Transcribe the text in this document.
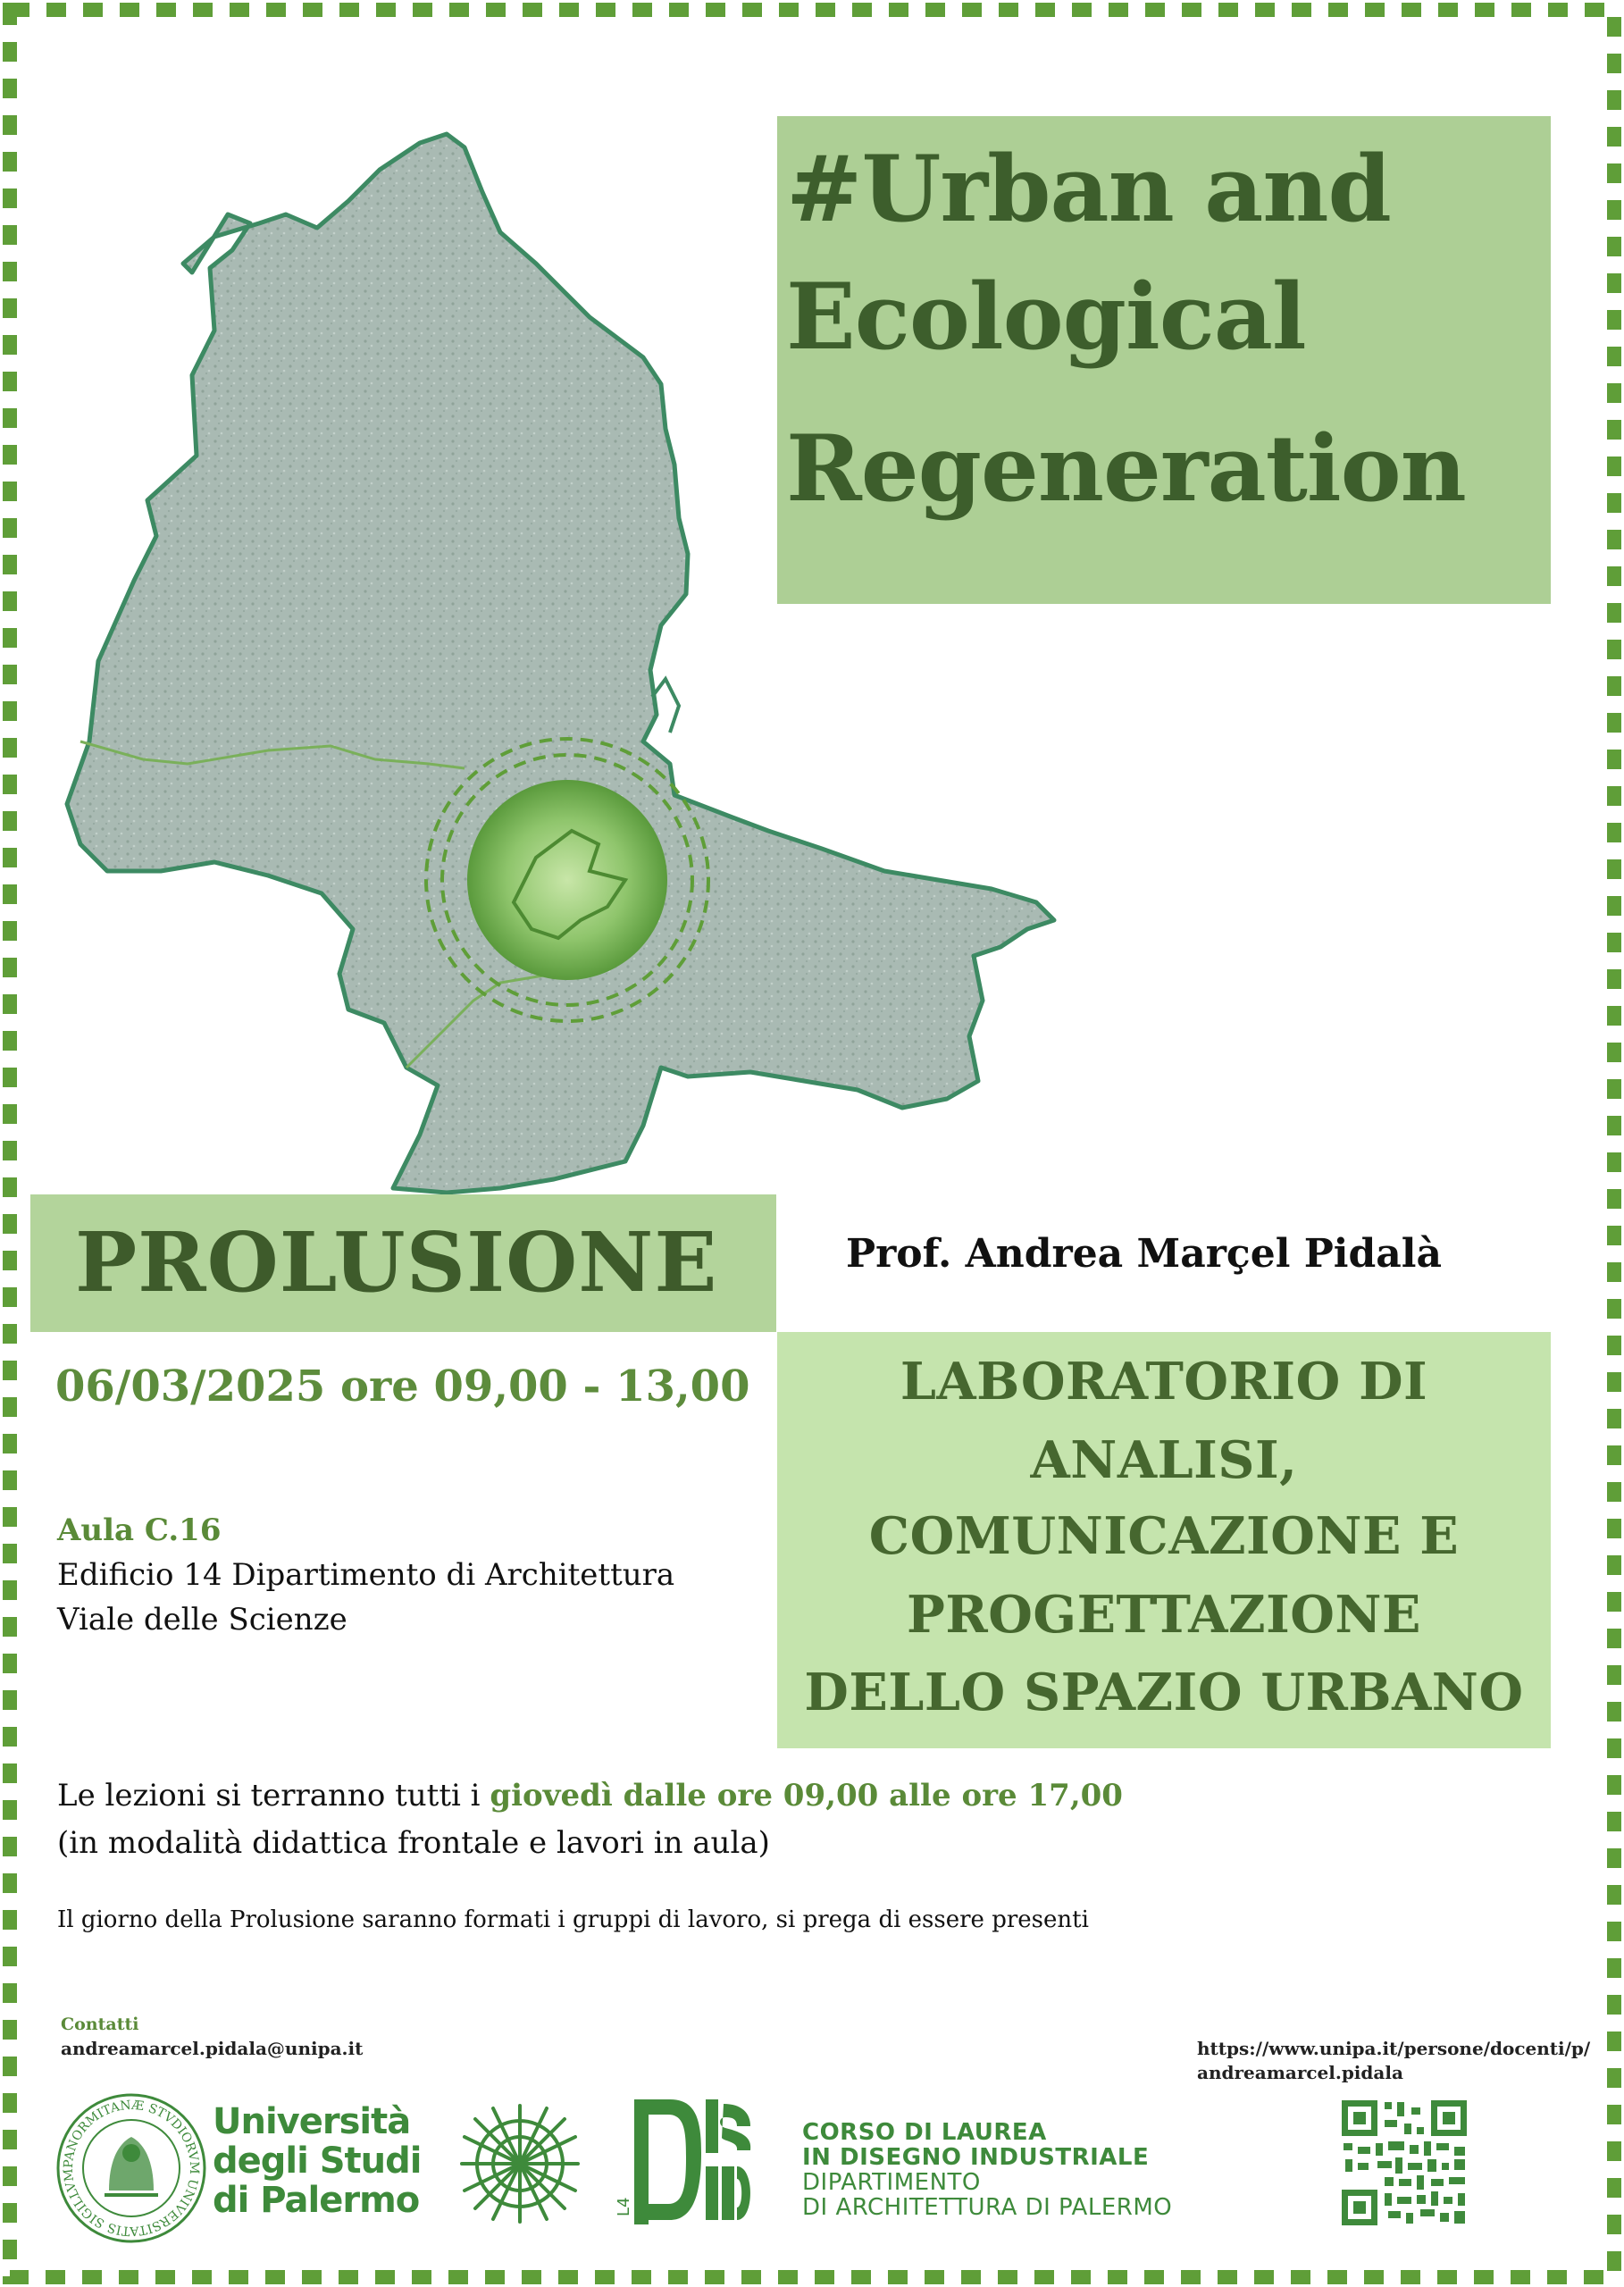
#Urban and
Ecological
Regeneration
PROLUSIONE	Prof. Andrea Marçel Pidalà
06/03/2025 ore 09,00 - 13,00	LABORATORIO DI
ANALISI,
COMUNICAZIONE E
PROGETTAZIONE
DELLO SPAZIO URBANO
Aula C.16
Edificio 14 Dipartimento di Architettura
Viale delle Scienze
Le lezioni si terranno tutti i giovedì dalle ore 09,00 alle ore 17,00
(in modalità didattica frontale e lavori in aula)
Il giorno della Prolusione saranno formati i gruppi di lavoro, si prega di essere presenti
Contatti
andreamarcel.pidala@unipa.it	https://www.unipa.it/persone/docenti/p/
andreamarcel.pidala
PANORMITANÆ STVDIORVM UNIVERSITATIS SIGILLVM
Università
degli Studi
di Palermo	L4
CORSO DI LAUREA
IN DISEGNO INDUSTRIALE
DIPARTIMENTO
DI ARCHITETTURA DI PALERMO
